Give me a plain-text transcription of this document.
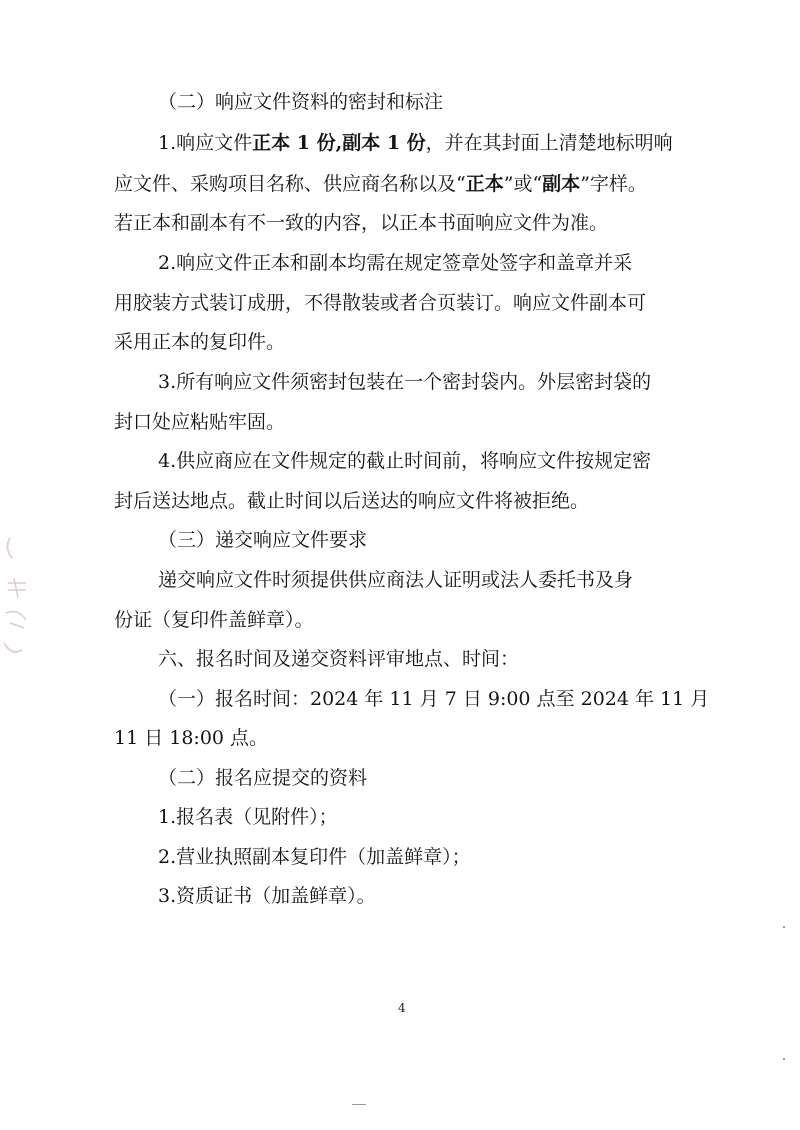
（二）响应文件资料的密封和标注
1.响应文件正本 1 份,副本 1 份，并在其封面上清楚地标明响
应文件、采购项目名称、供应商名称以及“正本”或“副本”字样。
若正本和副本有不一致的内容，以正本书面响应文件为准。
2.响应文件正本和副本均需在规定签章处签字和盖章并采
用胶装方式装订成册，不得散装或者合页装订。响应文件副本可
采用正本的复印件。
3.所有响应文件须密封包装在一个密封袋内。外层密封袋的
封口处应粘贴牢固。
4.供应商应在文件规定的截止时间前，将响应文件按规定密
封后送达地点。截止时间以后送达的响应文件将被拒绝。
（三）递交响应文件要求
递交响应文件时须提供供应商法人证明或法人委托书及身
份证（复印件盖鲜章）。
六、报名时间及递交资料评审地点、时间：
（一）报名时间：2024 年 11 月 7 日 9:00 点至 2024 年 11 月
11 日 18:00 点。
（二）报名应提交的资料
1.报名表（见附件）；
2.营业执照副本复印件（加盖鲜章）；
3.资质证书（加盖鲜章）。
4
